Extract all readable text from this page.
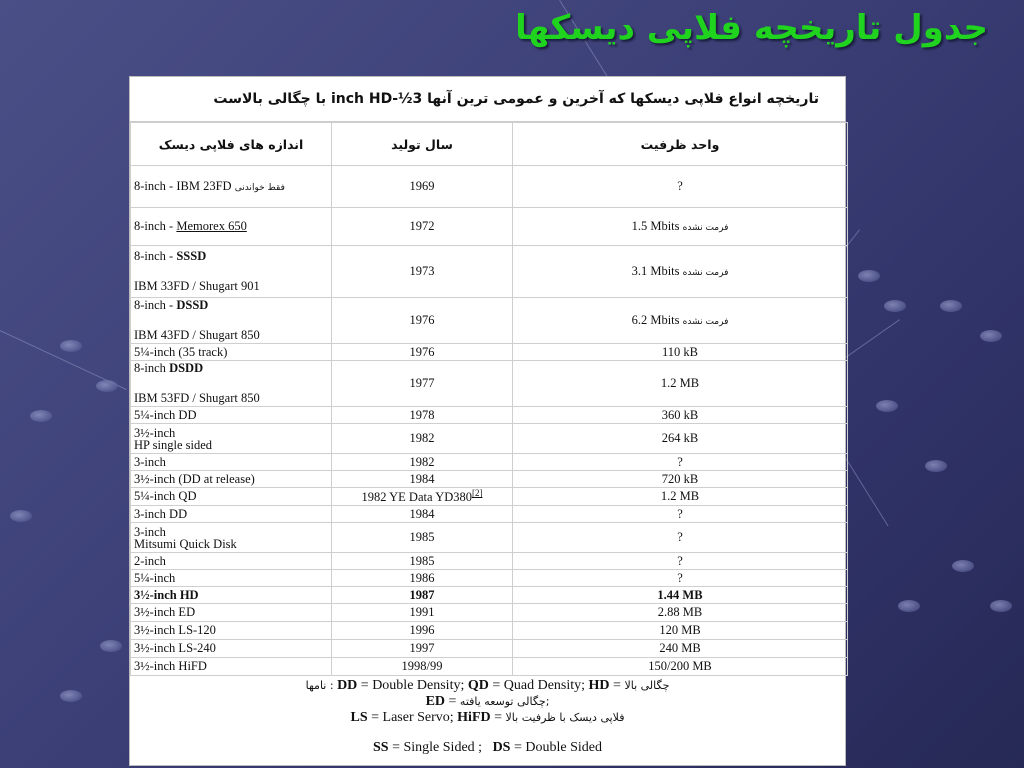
جدول تاریخچه فلاپی دیسکها
تاریخچه انواع فلاپی دیسکها که آخرین و عمومی ترین آنها 3½-inch HD با چگالی بالاست
اندازه های فلاپی دیسک	سال تولید	واحد ظرفیت
8-inch - IBM 23FD فقط خواندنی	1969	?
8-inch - Memorex 650	1972	1.5 Mbits فرمت نشده
8-inch - SSSD

IBM 33FD / Shugart 901	1973	3.1 Mbits فرمت نشده
8-inch - DSSD

IBM 43FD / Shugart 850	1976	6.2 Mbits فرمت نشده
5¼-inch (35 track)	1976	110 kB
8-inch DSDD

IBM 53FD / Shugart 850	1977	1.2 MB
5¼-inch DD	1978	360 kB
3½-inch
HP single sided	1982	264 kB
3-inch	1982	?
3½-inch (DD at release)	1984	720 kB
5¼-inch QD	1982 YE Data YD380[2]	1.2 MB
3-inch DD	1984	?
3-inch
Mitsumi Quick Disk	1985	?
2-inch	1985	?
5¼-inch	1986	?
3½-inch HD	1987	1.44 MB
3½-inch ED	1991	2.88 MB
3½-inch LS-120	1996	120 MB
3½-inch LS-240	1997	240 MB
3½-inch HiFD	1998/99	150/200 MB
نامها : DD = Double Density; QD = Quad Density; HD = چگالی بالا
ED = چگالی توسعه یافته;
LS = Laser Servo; HiFD = فلاپی دیسک با ظرفیت بالا
SS = Single Sided ;   DS = Double Sided
